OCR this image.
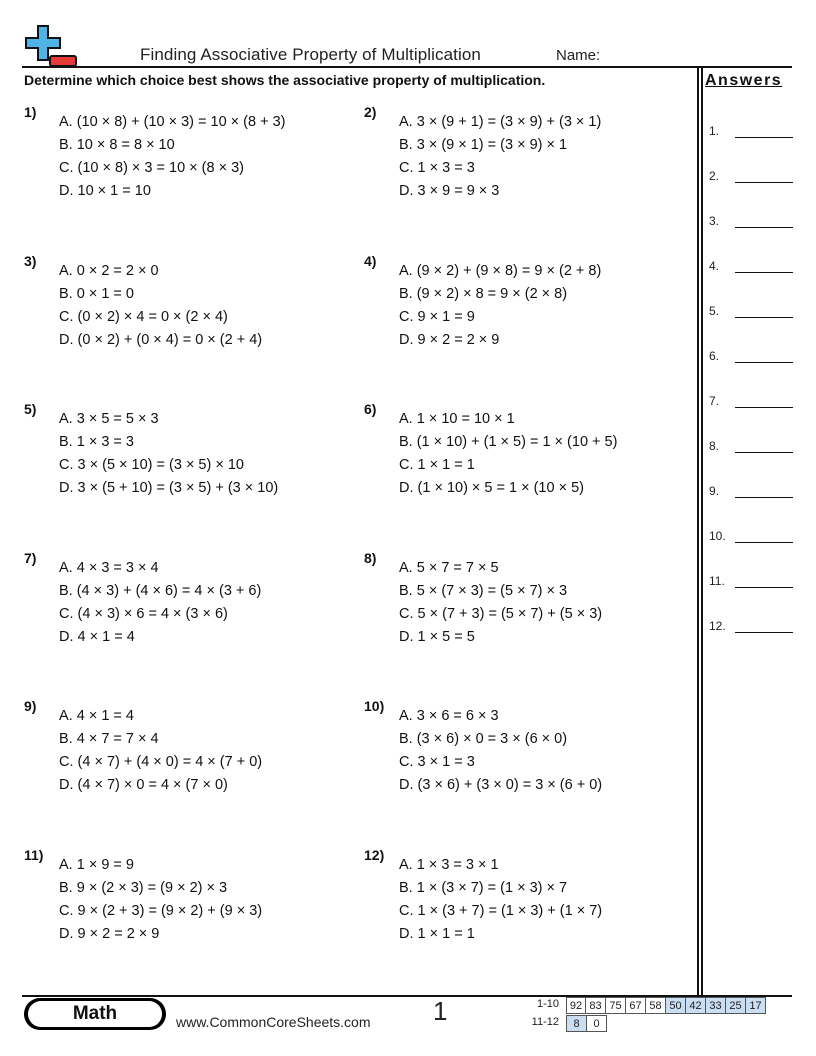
Finding Associative Property of Multiplication	Name:
Determine which choice best shows the associative property of multiplication.	Answers
1.
2.
3.
4.
5.
6.
7.
8.
9.
10.
11.
12.
1)
A. (10 × 8) + (10 × 3) = 10 × (8 + 3)
B. 10 × 8 = 8 × 10
C. (10 × 8) × 3 = 10 × (8 × 3)
D. 10 × 1 = 10
2)
A. 3 × (9 + 1) = (3 × 9) + (3 × 1)
B. 3 × (9 × 1) = (3 × 9) × 1
C. 1 × 3 = 3
D. 3 × 9 = 9 × 3
3)
A. 0 × 2 = 2 × 0
B. 0 × 1 = 0
C. (0 × 2) × 4 = 0 × (2 × 4)
D. (0 × 2) + (0 × 4) = 0 × (2 + 4)
4)
A. (9 × 2) + (9 × 8) = 9 × (2 + 8)
B. (9 × 2) × 8 = 9 × (2 × 8)
C. 9 × 1 = 9
D. 9 × 2 = 2 × 9
5)
A. 3 × 5 = 5 × 3
B. 1 × 3 = 3
C. 3 × (5 × 10) = (3 × 5) × 10
D. 3 × (5 + 10) = (3 × 5) + (3 × 10)
6)
A. 1 × 10 = 10 × 1
B. (1 × 10) + (1 × 5) = 1 × (10 + 5)
C. 1 × 1 = 1
D. (1 × 10) × 5 = 1 × (10 × 5)
7)
A. 4 × 3 = 3 × 4
B. (4 × 3) + (4 × 6) = 4 × (3 + 6)
C. (4 × 3) × 6 = 4 × (3 × 6)
D. 4 × 1 = 4
8)
A. 5 × 7 = 7 × 5
B. 5 × (7 × 3) = (5 × 7) × 3
C. 5 × (7 + 3) = (5 × 7) + (5 × 3)
D. 1 × 5 = 5
9)
A. 4 × 1 = 4
B. 4 × 7 = 7 × 4
C. (4 × 7) + (4 × 0) = 4 × (7 + 0)
D. (4 × 7) × 0 = 4 × (7 × 0)
10)
A. 3 × 6 = 6 × 3
B. (3 × 6) × 0 = 3 × (6 × 0)
C. 3 × 1 = 3
D. (3 × 6) + (3 × 0) = 3 × (6 + 0)
11)
A. 1 × 9 = 9
B. 9 × (2 × 3) = (9 × 2) × 3
C. 9 × (2 + 3) = (9 × 2) + (9 × 3)
D. 9 × 2 = 2 × 9
12)
A. 1 × 3 = 3 × 1
B. 1 × (3 × 7) = (1 × 3) × 7
C. 1 × (3 + 7) = (1 × 3) + (1 × 7)
D. 1 × 1 = 1
Math	www.CommonCoreSheets.com 1	1-10
11-12
92	83	75	67	58	50	42	33	25	17
8	0
